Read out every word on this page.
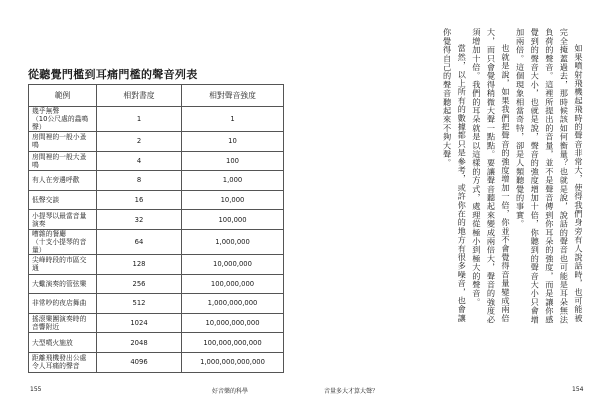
從聽覺門檻到耳痛門檻的聲音列表
範例	相對書度	相對聲音強度
幾乎無聲
（10公尺處的蟲鳴聲）	1	1
房間裡的一般小蚤鳴	2	10
房間裡的一般大蚤鳴	4	100
有人在旁邊呼歡	8	1,000
低聲交談	16	10,000
小提琴以最當音量演奏	32	100,000
嘈雜的餐廳
（十支小提琴的音量）	64	1,000,000
尖峰時段的市區交通	128	10,000,000
大蠍演奏的管弦樂	256	100,000,000
非常吵的夜店舞曲	512	1,000,000,000
搖滾樂團演奏時的音響附近	1024	10,000,000,000
大型噴火施放	2048	100,000,000,000
距離飛機發出公處令人耳痛的聲音	4096	1,000,000,000,000
155	好音樂的科學

如果噴射飛機起飛時的聲音非常大，使得我們身旁有人說話時，也可能被完全掩蓋過去，那時候該如何衡量？也就是說，說話的聲音也可能是耳朵無法負荷的聲音。這裡所提出的音量，並不是聲音傳到你耳朵的強度，而是讓你感覺到的聲音大小，也就是說，聲音的強度增加十倍，你聽到的聲音大小只會增加兩倍。這個現象相當奇特，卻是人類聽覺的事實。

也就是說，如果我們把聲音的強度增加一倍，你並不會覺得音量變成兩倍大，而只會覺得稍微大聲一點點。要讓聲音聽起來變成兩倍大，聲音的強度必須增加十倍。我們的耳朵就是以這樣的方式，處理從極小到極大的聲音。

當然，以上所有的數據都只是參考，或許你在的地方有很多噪音，也會讓你覺得自己的聲音聽起來不夠大聲。

音量多大才算大聲？	154
